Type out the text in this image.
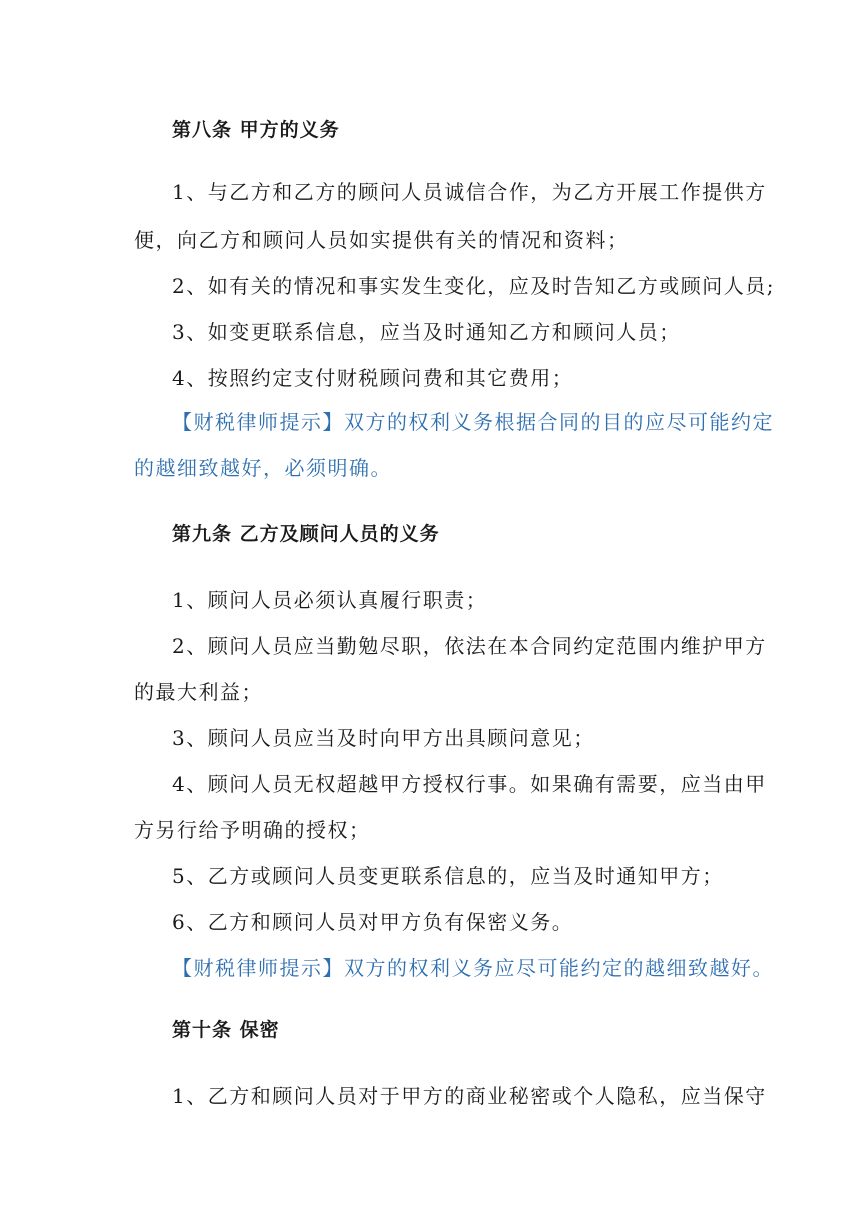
第八条 甲方的义务
1、与乙方和乙方的顾问人员诚信合作，为乙方开展工作提供方
便，向乙方和顾问人员如实提供有关的情况和资料；
2、如有关的情况和事实发生变化，应及时告知乙方或顾问人员;
3、如变更联系信息，应当及时通知乙方和顾问人员；
4、按照约定支付财税顾问费和其它费用；
【财税律师提示】双方的权利义务根据合同的目的应尽可能约定
的越细致越好，必须明确。
第九条 乙方及顾问人员的义务
1、顾问人员必须认真履行职责；
2、顾问人员应当勤勉尽职，依法在本合同约定范围内维护甲方
的最大利益；
3、顾问人员应当及时向甲方出具顾问意见；
4、顾问人员无权超越甲方授权行事。如果确有需要，应当由甲
方另行给予明确的授权；
5、乙方或顾问人员变更联系信息的，应当及时通知甲方；
6、乙方和顾问人员对甲方负有保密义务。
【财税律师提示】双方的权利义务应尽可能约定的越细致越好。
第十条 保密
1、乙方和顾问人员对于甲方的商业秘密或个人隐私，应当保守
